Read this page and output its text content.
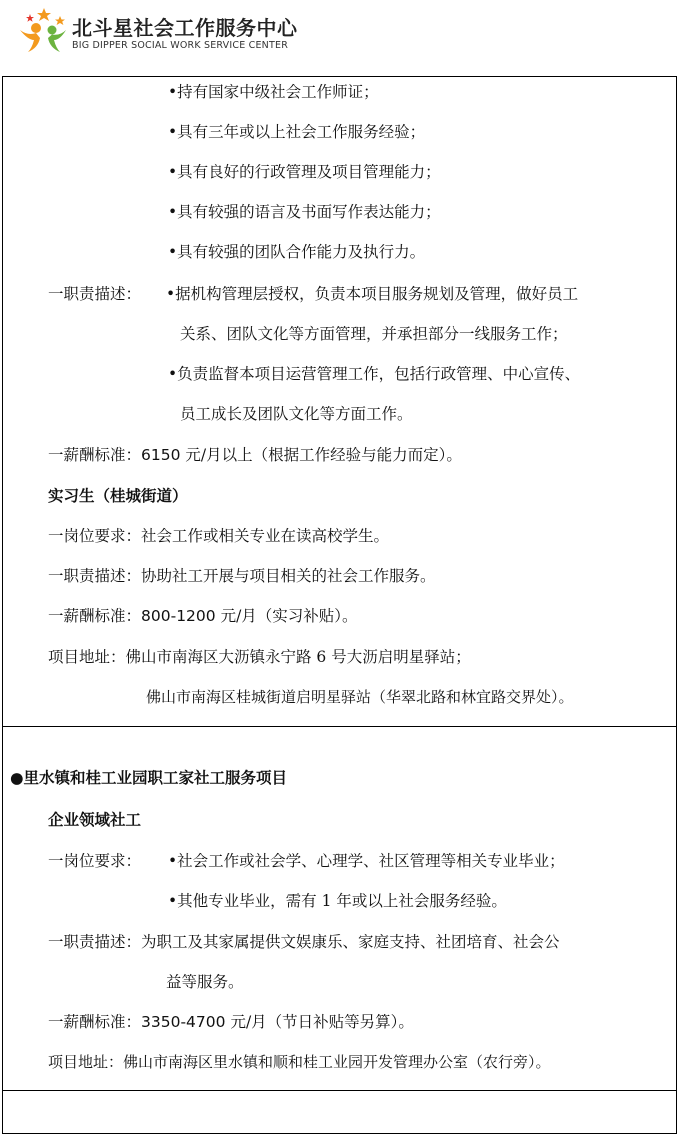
北斗星社会工作服务中心
BIG DIPPER SOCIAL WORK SERVICE CENTER
•持有国家中级社会工作师证；
•具有三年或以上社会工作服务经验；
•具有良好的行政管理及项目管理能力；
•具有较强的语言及书面写作表达能力；
•具有较强的团队合作能力及执行力。
一职责描述： •据机构管理层授权，负责本项目服务规划及管理，做好员工
关系、团队文化等方面管理，并承担部分一线服务工作；
•负责监督本项目运营管理工作，包括行政管理、中心宣传、
员工成长及团队文化等方面工作。
一薪酬标准：6150 元/月以上（根据工作经验与能力而定）。
实习生（桂城街道）
一岗位要求：社会工作或相关专业在读高校学生。
一职责描述：协助社工开展与项目相关的社会工作服务。
一薪酬标准：800-1200 元/月（实习补贴）。
项目地址：佛山市南海区大沥镇永宁路 6 号大沥启明星驿站；
佛山市南海区桂城街道启明星驿站（华翠北路和林宜路交界处）。
●里水镇和桂工业园职工家社工服务项目
企业领域社工
一岗位要求： •社会工作或社会学、心理学、社区管理等相关专业毕业；
•其他专业毕业，需有 1 年或以上社会服务经验。
一职责描述：为职工及其家属提供文娱康乐、家庭支持、社团培育、社会公
益等服务。
一薪酬标准：3350-4700 元/月（节日补贴等另算）。
项目地址：佛山市南海区里水镇和顺和桂工业园开发管理办公室（农行旁）。
